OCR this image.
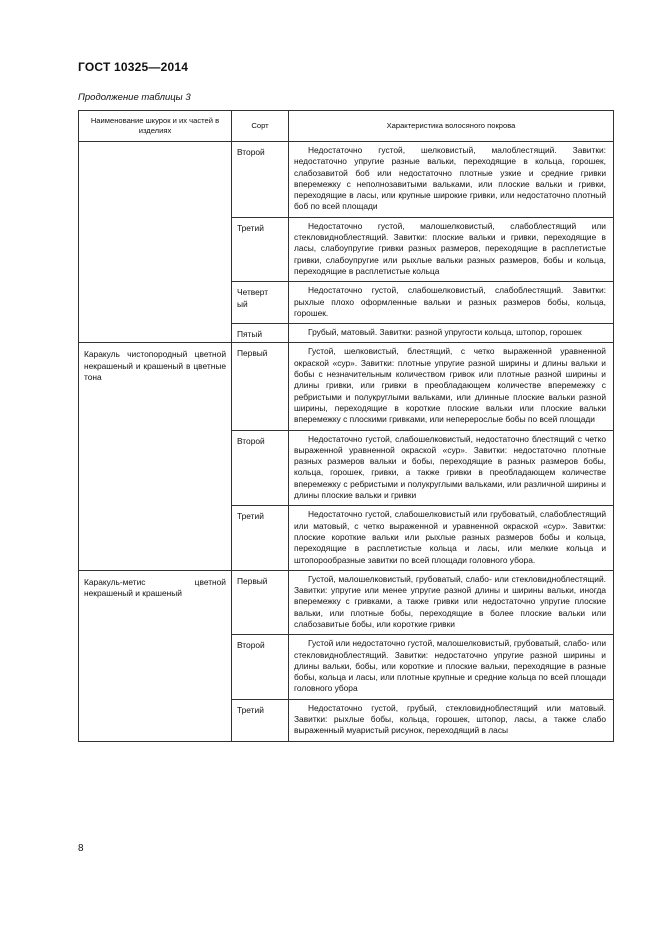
ГОСТ 10325—2014
Продолжение таблицы 3
Наименование шкурок и их частей в изделиях	Сорт	Характеристика волосяного покрова
	Второй	Недостаточно густой, шелковистый, малоблестящий. Завитки: недостаточно упругие разные вальки, переходящие в кольца, горошек, слабозавитой боб или недостаточно плотные узкие и средние гривки вперемежку с неполнозавитыми вальками, или плоские вальки и гривки, переходящие в ласы, или крупные широкие гривки, или недостаточно плотный боб по всей площади
	Третий	Недостаточно густой, малошелковистый, слабоблестящий или стекловидноблестящий. Завитки: плоские вальки и гривки, переходящие в ласы, слабоупругие гривки разных размеров, переходящие в расплетистые гривки, слабоупругие или рыхлые вальки разных размеров, бобы и кольца, переходящие в расплетистые кольца
	Четвертый	Недостаточно густой, слабошелковистый, слабоблестящий. Завитки: рыхлые плохо оформленные вальки и разных размеров бобы, кольца, горошек.
	Пятый	Грубый, матовый. Завитки: разной упругости кольца, штопор, горошек
Каракуль чистопородный цветной некрашеный и крашеный в цветные тона	Первый	Густой, шелковистый, блестящий, с четко выраженной уравненной окраской «сур». Завитки: плотные упругие разной ширины и длины вальки и бобы с незначительным количеством гривок или плотные разной ширины и длины гривки, или гривки в преобладающем количестве вперемежку с ребристыми и полукруглыми вальками, или длинные плоские вальки разной ширины, переходящие в короткие плоские вальки или плоские вальки вперемежку с плоскими гривками, или неперерослые бобы по всей площади
	Второй	Недостаточно густой, слабошелковистый, недостаточно блестящий с четко выраженной уравненной окраской «сур». Завитки: недостаточно плотные разных размеров вальки и бобы, переходящие в разных размеров бобы, кольца, горошек, гривки, а также гривки в преобладающем количестве вперемежку с ребристыми и полукруглыми вальками, или различной ширины и длины плоские вальки и гривки
	Третий	Недостаточно густой, слабошелковистый или грубоватый, слабоблестящий или матовый, с четко выраженной и уравненной окраской «сур». Завитки: плоские короткие вальки или рыхлые разных размеров бобы и кольца, переходящие в расплетистые кольца и ласы, или мелкие кольца и штопорообразные завитки по всей площади головного убора.
Каракуль-метис цветной некрашеный и крашеный	Первый	Густой, малошелковистый, грубоватый, слабо- или стекловидноблестящий. Завитки: упругие или менее упругие разной длины и ширины вальки, иногда вперемежку с гривками, а также гривки или недостаточно упругие плоские вальки, или плотные бобы, переходящие в более плоские вальки или слабозавитые бобы, или короткие гривки
	Второй	Густой или недостаточно густой, малошелковистый, грубоватый, слабо- или стекловидноблестящий. Завитки: недостаточно упругие разной ширины и длины вальки, бобы, или короткие и плоские вальки, переходящие в разные бобы, кольца и ласы, или плотные крупные и средние кольца по всей площади головного убора
	Третий	Недостаточно густой, грубый, стекловидноблестящий или матовый. Завитки: рыхлые бобы, кольца, горошек, штопор, ласы, а также слабо выраженный муаристый рисунок, переходящий в ласы
8
